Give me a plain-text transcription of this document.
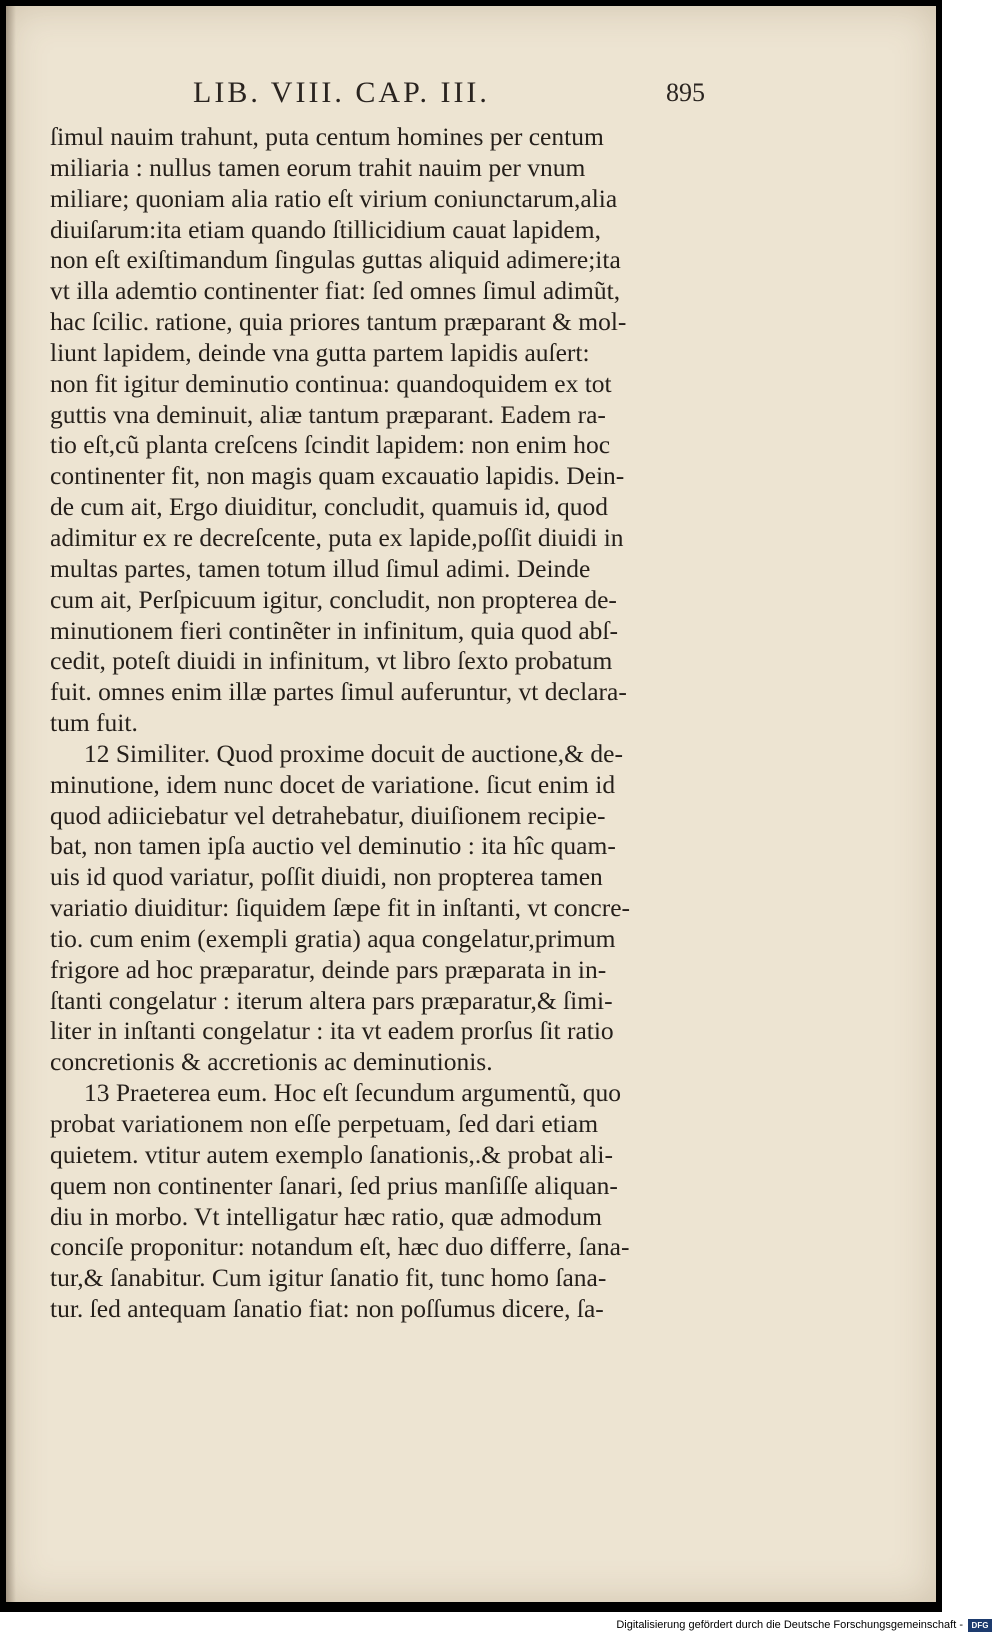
LIB. VIII. CAP. III.	895
ſimul nauim trahunt, puta centum homines per centum
miliaria : nullus tamen eorum trahit nauim per vnum
miliare; quoniam alia ratio eſt virium coniunctarum,alia
diuiſarum:ita etiam quando ſtillicidium cauat lapidem,
non eſt exiſtimandum ſingulas guttas aliquid adimere;ita
vt illa ademtio continenter fiat: ſed omnes ſimul adimũt,
hac ſcilic. ratione, quia priores tantum præparant & mol-
liunt lapidem, deinde vna gutta partem lapidis auſert:
non fit igitur deminutio continua: quandoquidem ex tot
guttis vna deminuit, aliæ tantum præparant. Eadem ra-
tio eſt,cũ planta creſcens ſcindit lapidem: non enim hoc
continenter fit, non magis quam excauatio lapidis. Dein-
de cum ait, Ergo diuiditur, concludit, quamuis id, quod
adimitur ex re decreſcente, puta ex lapide,poſſit diuidi in
multas partes, tamen totum illud ſimul adimi. Deinde
cum ait, Perſpicuum igitur, concludit, non propterea de-
minutionem fieri continẽter in infinitum, quia quod abſ-
cedit, poteſt diuidi in infinitum, vt libro ſexto probatum
fuit. omnes enim illæ partes ſimul auferuntur, vt declara-
tum fuit.
12 Similiter. Quod proxime docuit de auctione,& de-
minutione, idem nunc docet de variatione. ſicut enim id
quod adiiciebatur vel detrahebatur, diuiſionem recipie-
bat, non tamen ipſa auctio vel deminutio : ita hîc quam-
uis id quod variatur, poſſit diuidi, non propterea tamen
variatio diuiditur: ſiquidem ſæpe fit in inſtanti, vt concre-
tio. cum enim (exempli gratia) aqua congelatur,primum
frigore ad hoc præparatur, deinde pars præparata in in-
ſtanti congelatur : iterum altera pars præparatur,& ſimi-
liter in inſtanti congelatur : ita vt eadem prorſus ſit ratio
concretionis & accretionis ac deminutionis.
13 Praeterea eum. Hoc eſt ſecundum argumentũ, quo
probat variationem non eſſe perpetuam, ſed dari etiam
quietem. vtitur autem exemplo ſanationis,.& probat ali-
quem non continenter ſanari, ſed prius manſiſſe aliquan-
diu in morbo. Vt intelligatur hæc ratio, quæ admodum
conciſe proponitur: notandum eſt, hæc duo differre, ſana-
tur,& ſanabitur. Cum igitur ſanatio fit, tunc homo ſana-
tur. ſed antequam ſanatio fiat: non poſſumus dicere, ſa-
Digitalisierung gefördert durch die Deutsche Forschungsgemeinschaft -	DFG
